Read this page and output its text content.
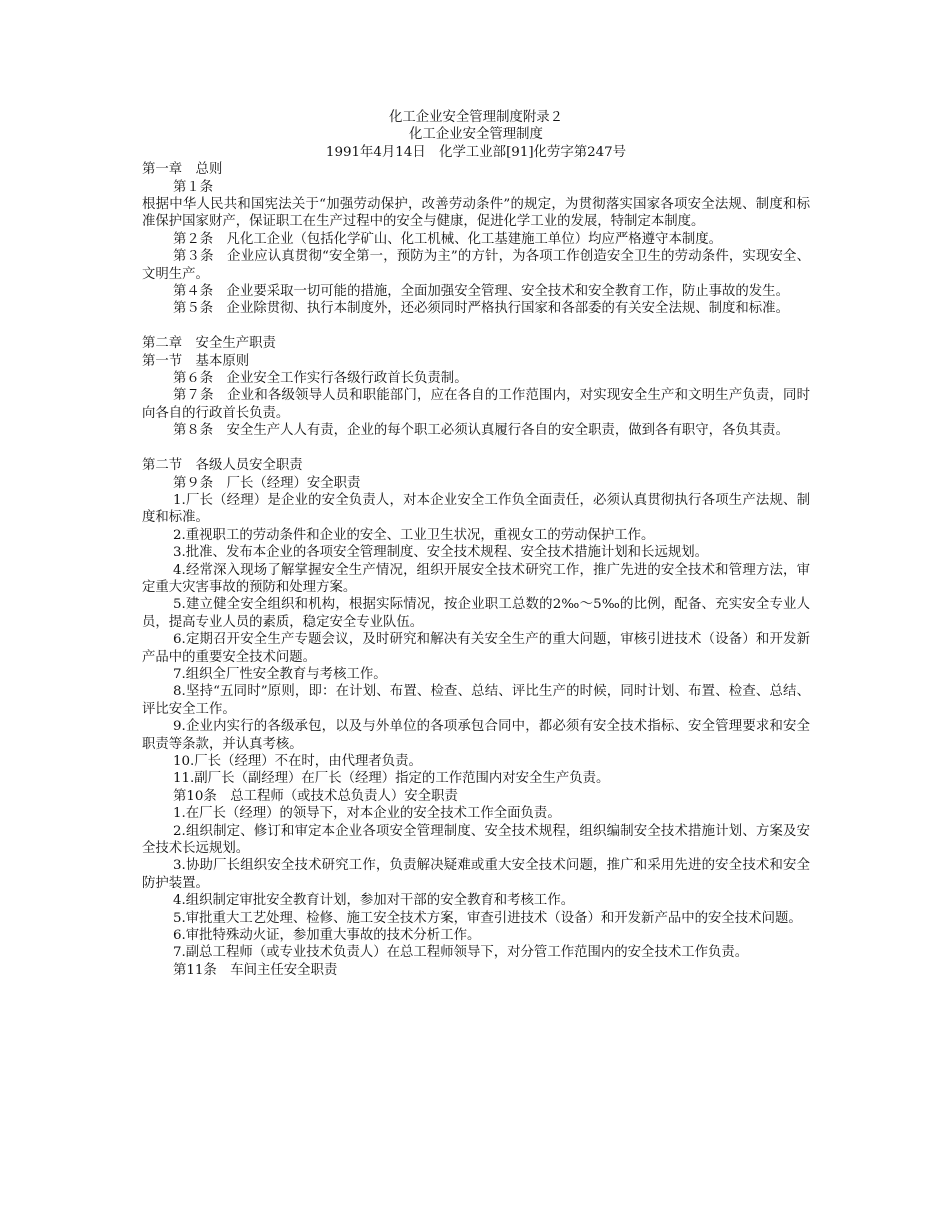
化工企业安全管理制度附录２
化工企业安全管理制度
1991年4月14日　化学工业部[91]化劳字第247号

第一章　总则

第１条

根据中华人民共和国宪法关于“加强劳动保护，改善劳动条件”的规定，为贯彻落实国家各项安全法规、制度和标准保护国家财产，保证职工在生产过程中的安全与健康，促进化学工业的发展，特制定本制度。

第２条　凡化工企业（包括化学矿山、化工机械、化工基建施工单位）均应严格遵守本制度。

第３条　企业应认真贯彻“安全第一，预防为主”的方针，为各项工作创造安全卫生的劳动条件，实现安全、文明生产。

第４条　企业要采取一切可能的措施，全面加强安全管理、安全技术和安全教育工作，防止事故的发生。

第５条　企业除贯彻、执行本制度外，还必须同时严格执行国家和各部委的有关安全法规、制度和标准。

第二章　安全生产职责

第一节　基本原则

第６条　企业安全工作实行各级行政首长负责制。

第７条　企业和各级领导人员和职能部门，应在各自的工作范围内，对实现安全生产和文明生产负责，同时向各自的行政首长负责。

第８条　安全生产人人有责，企业的每个职工必须认真履行各自的安全职责，做到各有职守，各负其责。

第二节　各级人员安全职责

第９条　厂长（经理）安全职责

1.厂长（经理）是企业的安全负责人，对本企业安全工作负全面责任，必须认真贯彻执行各项生产法规、制度和标准。

2.重视职工的劳动条件和企业的安全、工业卫生状况，重视女工的劳动保护工作。

3.批准、发布本企业的各项安全管理制度、安全技术规程、安全技术措施计划和长远规划。

4.经常深入现场了解掌握安全生产情况，组织开展安全技术研究工作，推广先进的安全技术和管理方法，审定重大灾害事故的预防和处理方案。

5.建立健全安全组织和机构，根据实际情况，按企业职工总数的2‰～5‰的比例，配备、充实安全专业人员，提高专业人员的素质，稳定安全专业队伍。

6.定期召开安全生产专题会议，及时研究和解决有关安全生产的重大问题，审核引进技术（设备）和开发新产品中的重要安全技术问题。

7.组织全厂性安全教育与考核工作。

8.坚持“五同时”原则，即：在计划、布置、检查、总结、评比生产的时候，同时计划、布置、检查、总结、评比安全工作。

9.企业内实行的各级承包，以及与外单位的各项承包合同中，都必须有安全技术指标、安全管理要求和安全职责等条款，并认真考核。

10.厂长（经理）不在时，由代理者负责。

11.副厂长（副经理）在厂长（经理）指定的工作范围内对安全生产负责。

第10条　总工程师（或技术总负责人）安全职责

1.在厂长（经理）的领导下，对本企业的安全技术工作全面负责。

2.组织制定、修订和审定本企业各项安全管理制度、安全技术规程，组织编制安全技术措施计划、方案及安全技术长远规划。

3.协助厂长组织安全技术研究工作，负责解决疑难或重大安全技术问题，推广和采用先进的安全技术和安全防护装置。

4.组织制定审批安全教育计划，参加对干部的安全教育和考核工作。

5.审批重大工艺处理、检修、施工安全技术方案，审查引进技术（设备）和开发新产品中的安全技术问题。

6.审批特殊动火证，参加重大事故的技术分析工作。

7.副总工程师（或专业技术负责人）在总工程师领导下，对分管工作范围内的安全技术工作负责。

第11条　车间主任安全职责
